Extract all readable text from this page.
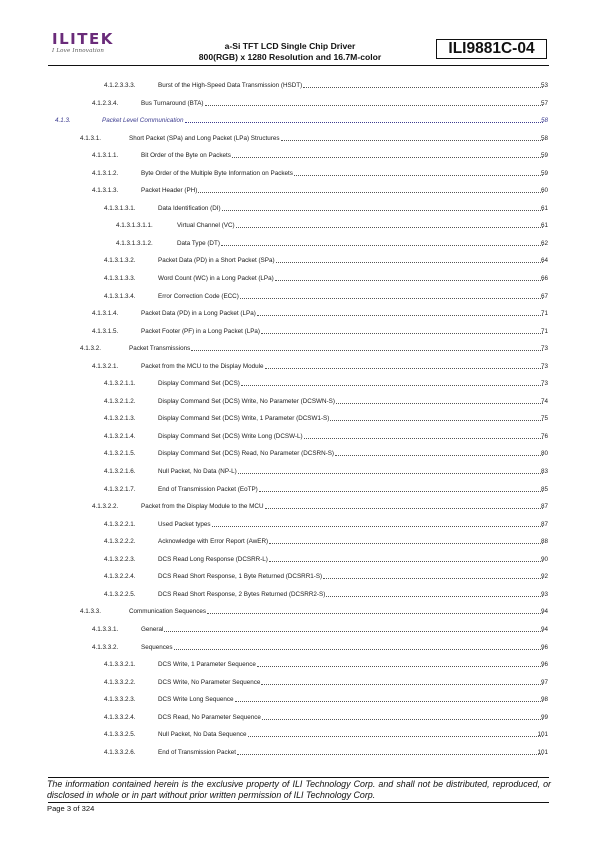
ILITEK
I Love Innovation	a-Si TFT LCD Single Chip Driver
800(RGB) x 1280 Resolution and 16.7M-color	ILI9881C-04
4.1.2.3.3.3.	Burst of the High-Speed Data Transmission (HSDT)	53
4.1.2.3.4.	Bus Turnaround (BTA)	57
4.1.3.	Packet Level Communication	58
4.1.3.1.	Short Packet (SPa) and Long Packet (LPa) Structures	58
4.1.3.1.1.	Bit Order of the Byte on Packets	59
4.1.3.1.2.	Byte Order of the Multiple Byte Information on Packets	59
4.1.3.1.3.	Packet Header (PH)	60
4.1.3.1.3.1.	Data Identification (DI)	61
4.1.3.1.3.1.1.	Virtual Channel (VC)	61
4.1.3.1.3.1.2.	Data Type (DT)	62
4.1.3.1.3.2.	Packet Data (PD) in a Short Packet (SPa)	64
4.1.3.1.3.3.	Word Count (WC) in a Long Packet (LPa)	66
4.1.3.1.3.4.	Error Correction Code (ECC)	67
4.1.3.1.4.	Packet Data (PD) in a Long Packet (LPa)	71
4.1.3.1.5.	Packet Footer (PF) in a Long Packet (LPa)	71
4.1.3.2.	Packet Transmissions	73
4.1.3.2.1.	Packet from the MCU to the Display Module	73
4.1.3.2.1.1.	Display Command Set (DCS)	73
4.1.3.2.1.2.	Display Command Set (DCS) Write, No Parameter (DCSWN-S)	74
4.1.3.2.1.3.	Display Command Set (DCS) Write, 1 Parameter (DCSW1-S)	75
4.1.3.2.1.4.	Display Command Set (DCS) Write Long (DCSW-L)	76
4.1.3.2.1.5.	Display Command Set (DCS) Read, No Parameter (DCSRN-S)	80
4.1.3.2.1.6.	Null Packet, No Data (NP-L)	83
4.1.3.2.1.7.	End of Transmission Packet (EoTP)	85
4.1.3.2.2.	Packet from the Display Module to the MCU	87
4.1.3.2.2.1.	Used Packet types	87
4.1.3.2.2.2.	Acknowledge with Error Report (AwER)	88
4.1.3.2.2.3.	DCS Read Long Response (DCSRR-L)	90
4.1.3.2.2.4.	DCS Read Short Response, 1 Byte Returned (DCSRR1-S)	92
4.1.3.2.2.5.	DCS Read Short Response, 2 Bytes Returned (DCSRR2-S)	93
4.1.3.3.	Communication Sequences	94
4.1.3.3.1.	General	94
4.1.3.3.2.	Sequences	96
4.1.3.3.2.1.	DCS Write, 1 Parameter Sequence	96
4.1.3.3.2.2.	DCS Write, No Parameter Sequence	97
4.1.3.3.2.3.	DCS Write Long Sequence	98
4.1.3.3.2.4.	DCS Read, No Parameter Sequence	99
4.1.3.3.2.5.	Null Packet, No Data Sequence	101
4.1.3.3.2.6.	End of Transmission Packet	101
The information contained herein is the exclusive property of ILI Technology Corp. and shall not be distributed, reproduced, or disclosed in whole or in part without prior written permission of ILI Technology Corp.
Page 3 of 324
